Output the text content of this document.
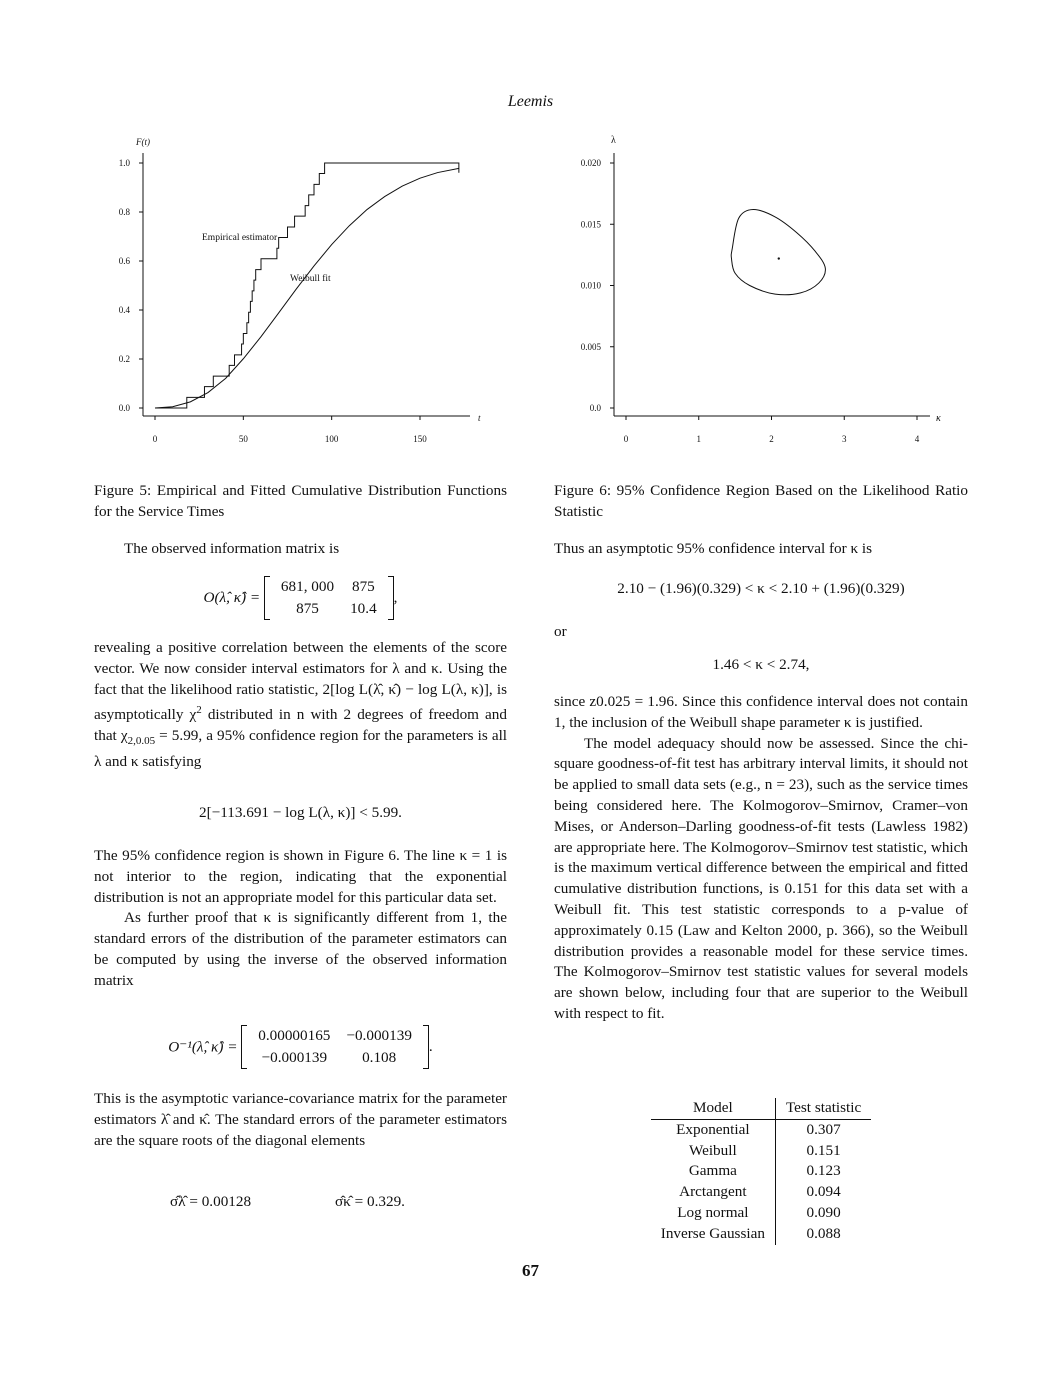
Leemis
0.0
0.2
0.4
0.6
0.8
1.0
0	50	100	150
t
F(t)
Empirical estimator
Weibull fit
0.0
0.005
0.010
0.015
0.020
0	1	2	3	4
κ
λ
Figure 5: Empirical and Fitted Cumulative Distribution Functions for the Service Times
Figure 6: 95% Confidence Region Based on the Likelihood Ratio Statistic

The observed information matrix is

O(λ̂, κ̂) =
681, 000	875
875	10.4
,

revealing a positive correlation between the elements of the score vector. We now consider interval estimators for λ and κ. Using the fact that the likelihood ratio statistic, 2[log L(λ̂, κ̂) − log L(λ, κ)], is asymptotically $\chi^2$ distributed in n with 2 degrees of freedom and that $\chi_{2,0.05} = 5.99$, a 95% confidence region for the parameters is all λ and κ satisfying

2[−113.691 − log L(λ, κ)] < 5.99.

The 95% confidence region is shown in Figure 6. The line κ = 1 is not interior to the region, indicating that the exponential distribution is not an appropriate model for this particular data set.

As further proof that κ is significantly different from 1, the standard errors of the distribution of the parameter estimators can be computed by using the inverse of the observed information matrix

O⁻¹(λ̂, κ̂) =
0.00000165	−0.000139
−0.000139	0.108
.
This is the asymptotic variance-covariance matrix for the parameter estimators λ̂ and κ̂. The standard errors of the parameter estimators are the square roots of the diagonal elements
σ̂λ̂ = 0.00128	σ̂κ̂ = 0.329.
Thus an asymptotic 95% confidence interval for κ is
2.10 − (1.96)(0.329) < κ < 2.10 + (1.96)(0.329)
or
1.46 < κ < 2.74,

since z0.025 = 1.96. Since this confidence interval does not contain 1, the inclusion of the Weibull shape parameter κ is justified.

The model adequacy should now be assessed. Since the chi-square goodness-of-fit test has arbitrary interval limits, it should not be applied to small data sets (e.g., n = 23), such as the service times being considered here. The Kolmogorov–Smirnov, Cramer–von Mises, or Anderson–Darling goodness-of-fit tests (Lawless 1982) are appropriate here. The Kolmogorov–Smirnov test statistic, which is the maximum vertical difference between the empirical and fitted cumulative distribution functions, is 0.151 for this data set with a Weibull fit. This test statistic corresponds to a p-value of approximately 0.15 (Law and Kelton 2000, p. 366), so the Weibull distribution provides a reasonable model for these service times. The Kolmogorov–Smirnov test statistic values for several models are shown below, including four that are superior to the Weibull with respect to fit.

Model	Test statistic
Exponential	0.307
Weibull	0.151
Gamma	0.123
Arctangent	0.094
Log normal	0.090
Inverse Gaussian	0.088
67
